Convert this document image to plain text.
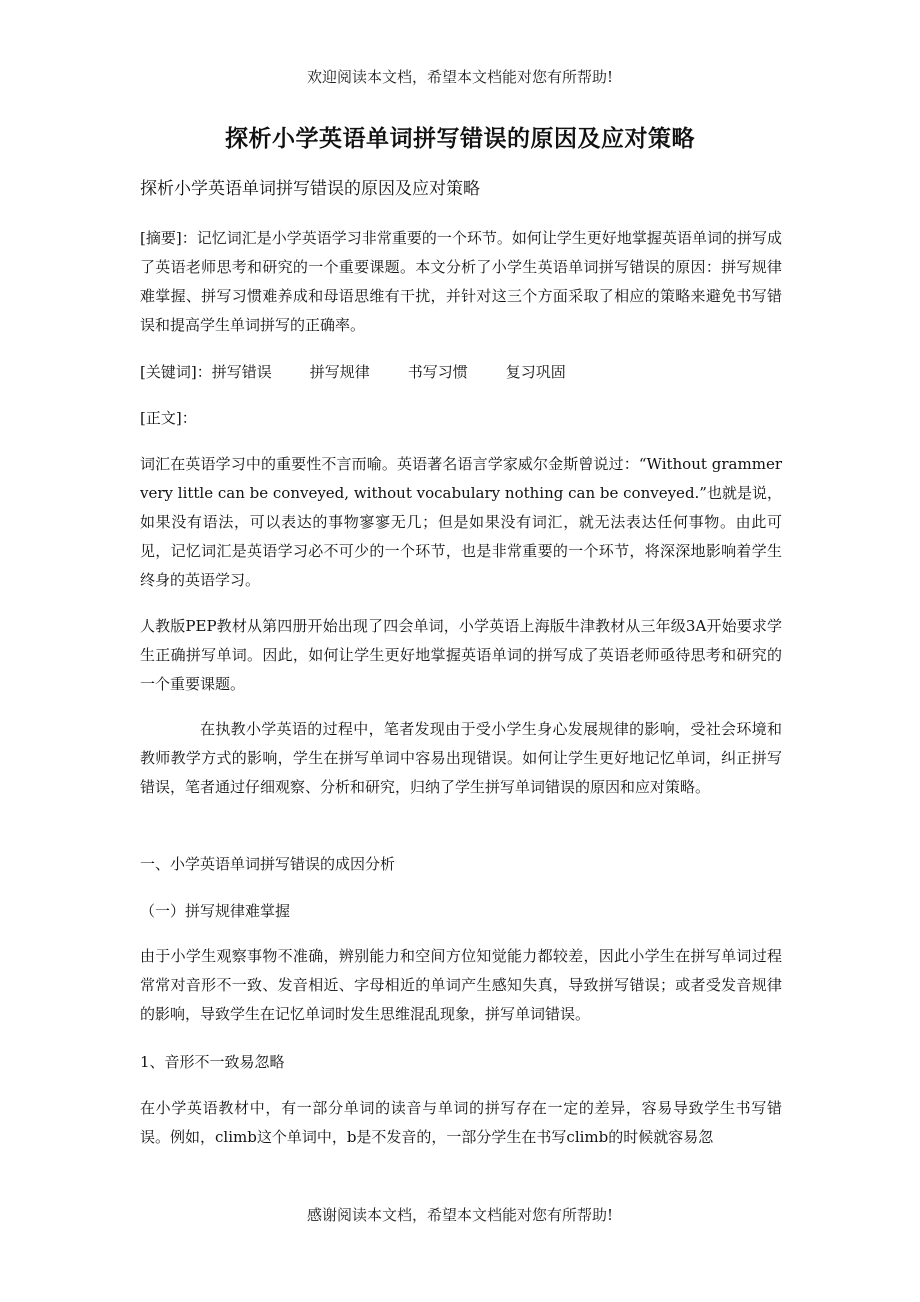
欢迎阅读本文档，希望本文档能对您有所帮助!
探析小学英语单词拼写错误的原因及应对策略
探析小学英语单词拼写错误的原因及应对策略

[摘要]：记忆词汇是小学英语学习非常重要的一个环节。如何让学生更好地掌握英语单词的拼写成了英语老师思考和研究的一个重要课题。本文分析了小学生英语单词拼写错误的原因：拼写规律难掌握、拼写习惯难养成和母语思维有干扰，并针对这三个方面采取了相应的策略来避免书写错误和提高学生单词拼写的正确率。

[关键词]：拼写错误	拼写规律	书写习惯	复习巩固

[正文]：

词汇在英语学习中的重要性不言而喻。英语著名语言学家威尔金斯曾说过：“Without grammer very little can be conveyed, without vocabulary nothing can be conveyed.”也就是说，如果没有语法，可以表达的事物寥寥无几；但是如果没有词汇，就无法表达任何事物。由此可见，记忆词汇是英语学习必不可少的一个环节，也是非常重要的一个环节，将深深地影响着学生终身的英语学习。

人教版PEP教材从第四册开始出现了四会单词，小学英语上海版牛津教材从三年级3A开始要求学生正确拼写单词。因此，如何让学生更好地掌握英语单词的拼写成了英语老师亟待思考和研究的一个重要课题。

在执教小学英语的过程中，笔者发现由于受小学生身心发展规律的影响，受社会环境和教师教学方式的影响，学生在拼写单词中容易出现错误。如何让学生更好地记忆单词，纠正拼写错误，笔者通过仔细观察、分析和研究，归纳了学生拼写单词错误的原因和应对策略。

一、小学英语单词拼写错误的成因分析

（一）拼写规律难掌握

由于小学生观察事物不准确，辨别能力和空间方位知觉能力都较差，因此小学生在拼写单词过程常常对音形不一致、发音相近、字母相近的单词产生感知失真，导致拼写错误；或者受发音规律的影响，导致学生在记忆单词时发生思维混乱现象，拼写单词错误。

1、音形不一致易忽略

在小学英语教材中，有一部分单词的读音与单词的拼写存在一定的差异，容易导致学生书写错误。例如，climb这个单词中，b是不发音的，一部分学生在书写climb的时候就容易忽

感谢阅读本文档，希望本文档能对您有所帮助!
